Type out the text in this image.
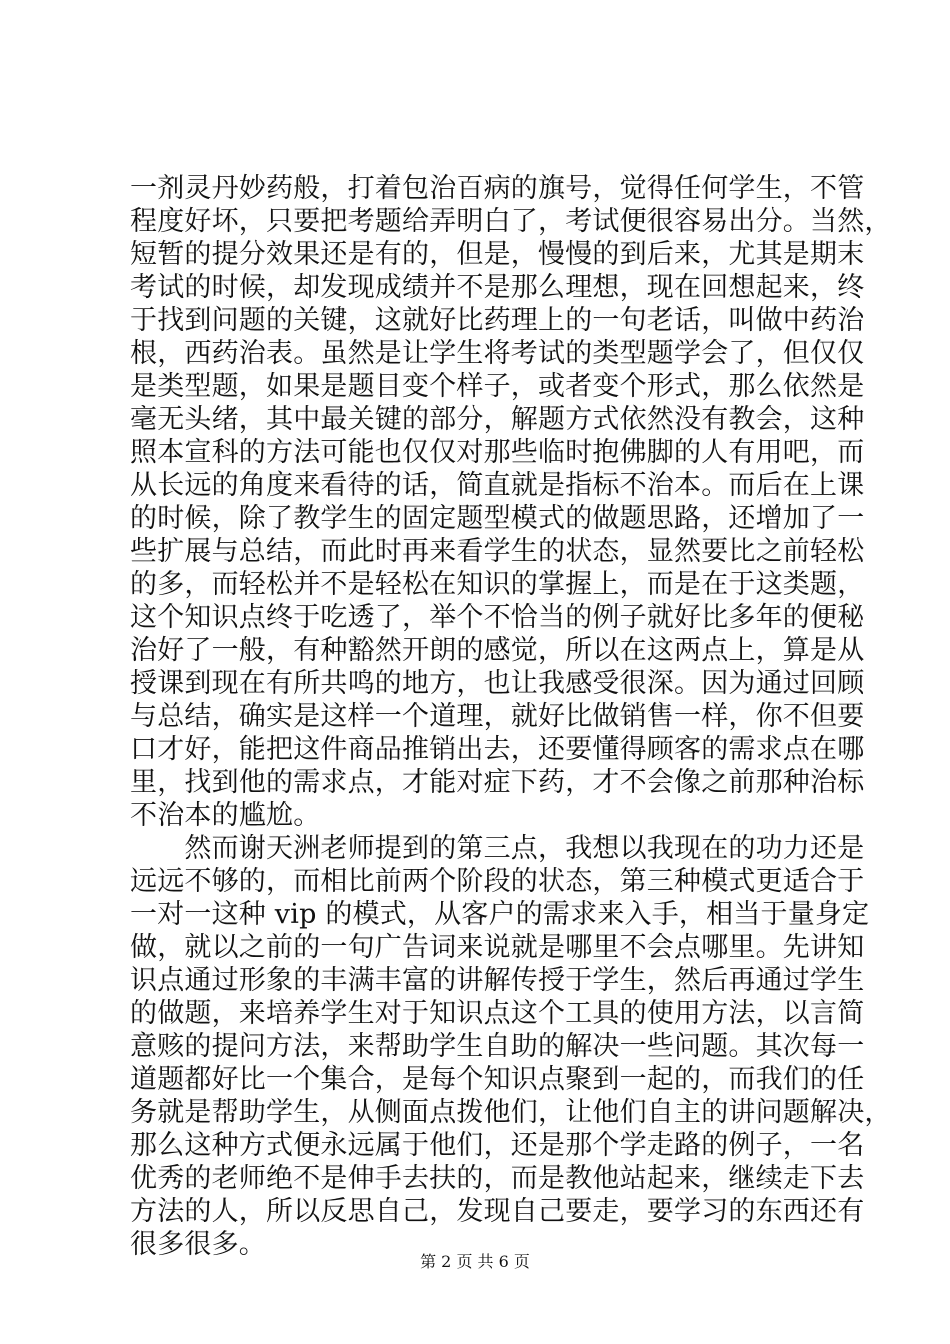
一剂灵丹妙药般，打着包治百病的旗号，觉得任何学生，不管
程度好坏，只要把考题给弄明白了，考试便很容易出分。当然，
短暂的提分效果还是有的，但是，慢慢的到后来，尤其是期末
考试的时候，却发现成绩并不是那么理想，现在回想起来，终
于找到问题的关键，这就好比药理上的一句老话，叫做中药治
根，西药治表。虽然是让学生将考试的类型题学会了，但仅仅
是类型题，如果是题目变个样子，或者变个形式，那么依然是
毫无头绪，其中最关键的部分，解题方式依然没有教会，这种
照本宣科的方法可能也仅仅对那些临时抱佛脚的人有用吧，而
从长远的角度来看待的话，简直就是指标不治本。而后在上课
的时候，除了教学生的固定题型模式的做题思路，还增加了一
些扩展与总结，而此时再来看学生的状态，显然要比之前轻松
的多，而轻松并不是轻松在知识的掌握上，而是在于这类题，
这个知识点终于吃透了，举个不恰当的例子就好比多年的便秘
治好了一般，有种豁然开朗的感觉，所以在这两点上，算是从
授课到现在有所共鸣的地方，也让我感受很深。因为通过回顾
与总结，确实是这样一个道理，就好比做销售一样，你不但要
口才好，能把这件商品推销出去，还要懂得顾客的需求点在哪
里，找到他的需求点，才能对症下药，才不会像之前那种治标
不治本的尴尬。
　　然而谢天洲老师提到的第三点，我想以我现在的功力还是
远远不够的，而相比前两个阶段的状态，第三种模式更适合于
一对一这种 vip 的模式，从客户的需求来入手，相当于量身定
做，就以之前的一句广告词来说就是哪里不会点哪里。先讲知
识点通过形象的丰满丰富的讲解传授于学生，然后再通过学生
的做题，来培养学生对于知识点这个工具的使用方法，以言简
意赅的提问方法，来帮助学生自助的解决一些问题。其次每一
道题都好比一个集合，是每个知识点聚到一起的，而我们的任
务就是帮助学生，从侧面点拨他们，让他们自主的讲问题解决，
那么这种方式便永远属于他们，还是那个学走路的例子，一名
优秀的老师绝不是伸手去扶的，而是教他站起来，继续走下去
方法的人，所以反思自己，发现自己要走，要学习的东西还有
很多很多。
第 2 页 共 6 页
